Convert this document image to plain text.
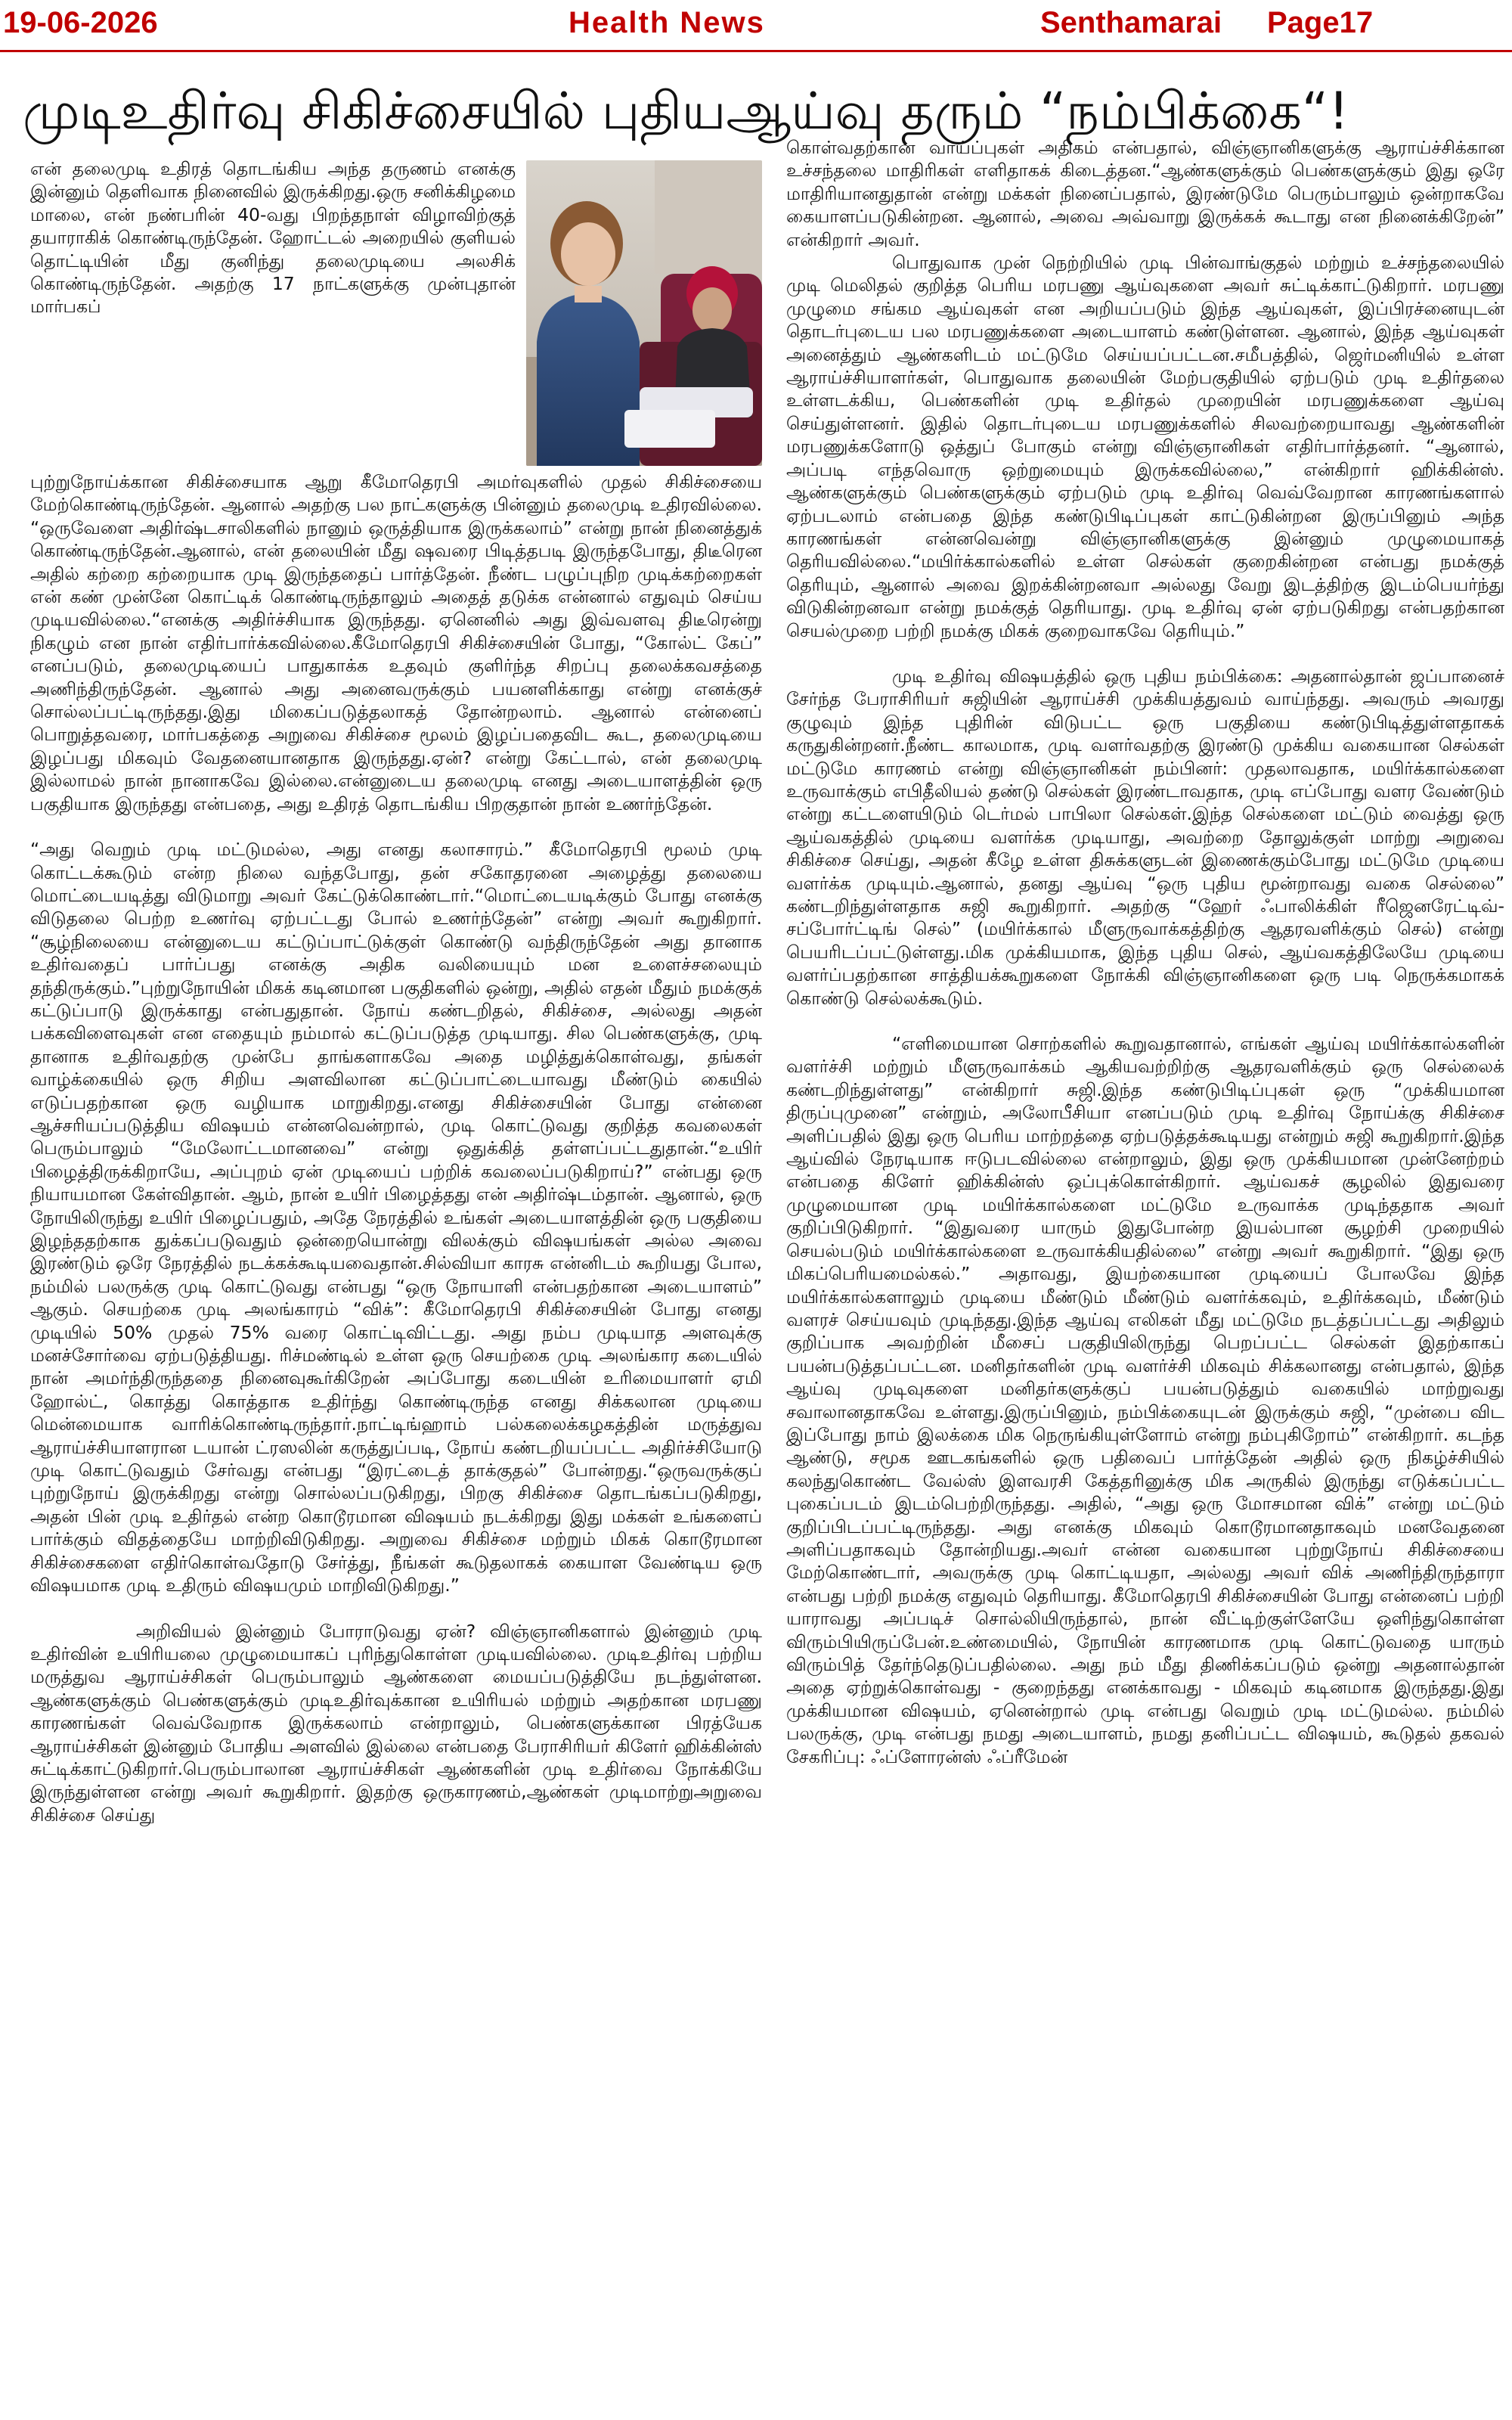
19-06-2026	Health News	Senthamarai Page17
முடிஉதிர்வு சிகிச்சையில் புதியஆய்வு தரும் “நம்பிக்கை“!

என் தலைமுடி உதிரத் தொடங்கிய அந்த தருணம் எனக்கு இன்னும் தெளிவாக நினைவில் இருக்கிறது.ஒரு சனிக்கிழமை மாலை, என் நண்பரின் 40-வது பிறந்தநாள் விழாவிற்குத் தயாராகிக் கொண்டிருந்தேன். ஹோட்டல் அறையில் குளியல் தொட்டியின் மீது குனிந்து தலைமுடியை அலசிக் கொண்டிருந்தேன். அதற்கு 17 நாட்களுக்கு முன்புதான் மார்பகப்

புற்றுநோய்க்கான சிகிச்சையாக ஆறு கீமோதெரபி அமர்வுகளில் முதல் சிகிச்சையை மேற்கொண்டிருந்தேன். ஆனால் அதற்கு பல நாட்களுக்கு பின்னும் தலைமுடி உதிரவில்லை. “ஒருவேளை அதிர்ஷ்டசாலிகளில் நானும் ஒருத்தியாக இருக்கலாம்” என்று நான் நினைத்துக் கொண்டிருந்தேன்.ஆனால், என் தலையின் மீது ஷவரை பிடித்தபடி இருந்தபோது, திடீரென அதில் கற்றை கற்றையாக முடி இருந்ததைப் பார்த்தேன். நீண்ட பழுப்புநிற முடிக்கற்றைகள் என் கண் முன்னே கொட்டிக் கொண்டிருந்தாலும் அதைத் தடுக்க என்னால் எதுவும் செய்ய முடியவில்லை.“எனக்கு அதிர்ச்சியாக இருந்தது. ஏனெனில் அது இவ்வளவு திடீரென்று நிகழும் என நான் எதிர்பார்க்கவில்லை.கீமோதெரபி சிகிச்சையின் போது, “கோல்ட் கேப்” எனப்படும், தலைமுடியைப் பாதுகாக்க உதவும் குளிர்ந்த சிறப்பு தலைக்கவசத்தை அணிந்திருந்தேன். ஆனால் அது அனைவருக்கும் பயனளிக்காது என்று எனக்குச் சொல்லப்பட்டிருந்தது.இது மிகைப்படுத்தலாகத் தோன்றலாம். ஆனால் என்னைப் பொறுத்தவரை, மார்பகத்தை அறுவை சிகிச்சை மூலம் இழப்பதைவிட கூட, தலைமுடியை இழப்பது மிகவும் வேதனையானதாக இருந்தது.ஏன்? என்று கேட்டால், என் தலைமுடி இல்லாமல் நான் நானாகவே இல்லை.என்னுடைய தலைமுடி எனது அடையாளத்தின் ஒரு பகுதியாக இருந்தது என்பதை, அது உதிரத் தொடங்கிய பிறகுதான் நான் உணர்ந்தேன்.

“அது வெறும் முடி மட்டுமல்ல, அது எனது கலாசாரம்.” கீமோதெரபி மூலம் முடி கொட்டக்கூடும் என்ற நிலை வந்தபோது, தன் சகோதரனை அழைத்து தலையை மொட்டையடித்து விடுமாறு அவர் கேட்டுக்கொண்டார்.“மொட்டையடிக்கும் போது எனக்கு விடுதலை பெற்ற உணர்வு ஏற்பட்டது போல் உணர்ந்தேன்” என்று அவர் கூறுகிறார். “சூழ்நிலையை என்னுடைய கட்டுப்பாட்டுக்குள் கொண்டு வந்திருந்தேன் அது தானாக உதிர்வதைப் பார்ப்பது எனக்கு அதிக வலியையும் மன உளைச்சலையும் தந்திருக்கும்.”புற்றுநோயின் மிகக் கடினமான பகுதிகளில் ஒன்று, அதில் எதன் மீதும் நமக்குக் கட்டுப்பாடு இருக்காது என்பதுதான். நோய் கண்டறிதல், சிகிச்சை, அல்லது அதன் பக்கவிளைவுகள் என எதையும் நம்மால் கட்டுப்படுத்த முடியாது. சில பெண்களுக்கு, முடி தானாக உதிர்வதற்கு முன்பே தாங்களாகவே அதை மழித்துக்கொள்வது, தங்கள் வாழ்க்கையில் ஒரு சிறிய அளவிலான கட்டுப்பாட்டையாவது மீண்டும் கையில் எடுப்பதற்கான ஒரு வழியாக மாறுகிறது.எனது சிகிச்சையின் போது என்னை ஆச்சரியப்படுத்திய விஷயம் என்னவென்றால், முடி கொட்டுவது குறித்த கவலைகள் பெரும்பாலும் “மேலோட்டமானவை” என்று ஒதுக்கித் தள்ளப்பட்டதுதான்.“உயிர் பிழைத்திருக்கிறாயே, அப்புறம் ஏன் முடியைப் பற்றிக் கவலைப்படுகிறாய்?” என்பது ஒரு நியாயமான கேள்விதான். ஆம், நான் உயிர் பிழைத்தது என் அதிர்ஷ்டம்தான். ஆனால், ஒரு நோயிலிருந்து உயிர் பிழைப்பதும், அதே நேரத்தில் உங்கள் அடையாளத்தின் ஒரு பகுதியை இழந்ததற்காக துக்கப்படுவதும் ஒன்றையொன்று விலக்கும் விஷயங்கள் அல்ல அவை இரண்டும் ஒரே நேரத்தில் நடக்கக்கூடியவைதான்.சில்வியா காரசு என்னிடம் கூறியது போல, நம்மில் பலருக்கு முடி கொட்டுவது என்பது “ஒரு நோயாளி என்பதற்கான அடையாளம்” ஆகும். செயற்கை முடி அலங்காரம் “விக்”: கீமோதெரபி சிகிச்சையின் போது எனது முடியில் 50% முதல் 75% வரை கொட்டிவிட்டது. அது நம்ப முடியாத அளவுக்கு மனச்சோர்வை ஏற்படுத்தியது. ரிச்மண்டில் உள்ள ஒரு செயற்கை முடி அலங்கார கடையில் நான் அமர்ந்திருந்ததை நினைவுகூர்கிறேன் அப்போது கடையின் உரிமையாளர் ஏமி ஹோல்ட், கொத்து கொத்தாக உதிர்ந்து கொண்டிருந்த எனது சிக்கலான முடியை மென்மையாக வாரிக்கொண்டிருந்தார்.நாட்டிங்ஹாம் பல்கலைக்கழகத்தின் மருத்துவ ஆராய்ச்சியாளரான டயான் ட்ரஸலின் கருத்துப்படி, நோய் கண்டறியப்பட்ட அதிர்ச்சியோடு முடி கொட்டுவதும் சேர்வது என்பது “இரட்டைத் தாக்குதல்” போன்றது.“ஒருவருக்குப் புற்றுநோய் இருக்கிறது என்று சொல்லப்படுகிறது, பிறகு சிகிச்சை தொடங்கப்படுகிறது, அதன் பின் முடி உதிர்தல் என்ற கொடூரமான விஷயம் நடக்கிறது இது மக்கள் உங்களைப் பார்க்கும் விதத்தையே மாற்றிவிடுகிறது. அறுவை சிகிச்சை மற்றும் மிகக் கொடூரமான சிகிச்சைகளை எதிர்கொள்வதோடு சேர்த்து, நீங்கள் கூடுதலாகக் கையாள வேண்டிய ஒரு விஷயமாக முடி உதிரும் விஷயமும் மாறிவிடுகிறது.”

அறிவியல் இன்னும் போராடுவது ஏன்? விஞ்ஞானிகளால் இன்னும் முடி உதிர்வின் உயிரியலை முழுமையாகப் புரிந்துகொள்ள முடியவில்லை. முடிஉதிர்வு பற்றிய மருத்துவ ஆராய்ச்சிகள் பெரும்பாலும் ஆண்களை மையப்படுத்தியே நடந்துள்ளன. ஆண்களுக்கும் பெண்களுக்கும் முடிஉதிர்வுக்கான உயிரியல் மற்றும் அதற்கான மரபணு காரணங்கள் வெவ்வேறாக இருக்கலாம் என்றாலும், பெண்களுக்கான பிரத்யேக ஆராய்ச்சிகள் இன்னும் போதிய அளவில் இல்லை என்பதை பேராசிரியர் கிளேர் ஹிக்கின்ஸ் சுட்டிக்காட்டுகிறார்.பெரும்பாலான ஆராய்ச்சிகள் ஆண்களின் முடி உதிர்வை நோக்கியே இருந்துள்ளன என்று அவர் கூறுகிறார். இதற்கு ஒருகாரணம்,ஆண்கள் முடிமாற்றுஅறுவை சிகிச்சை செய்து

கொள்வதற்கான வாய்ப்புகள் அதிகம் என்பதால், விஞ்ஞானிகளுக்கு ஆராய்ச்சிக்கான உச்சந்தலை மாதிரிகள் எளிதாகக் கிடைத்தன.“ஆண்களுக்கும் பெண்களுக்கும் இது ஒரே மாதிரியானதுதான் என்று மக்கள் நினைப்பதால், இரண்டுமே பெரும்பாலும் ஒன்றாகவே கையாளப்படுகின்றன. ஆனால், அவை அவ்வாறு இருக்கக் கூடாது என நினைக்கிறேன்” என்கிறார் அவர்.

பொதுவாக முன் நெற்றியில் முடி பின்வாங்குதல் மற்றும் உச்சந்தலையில் முடி மெலிதல் குறித்த பெரிய மரபணு ஆய்வுகளை அவர் சுட்டிக்காட்டுகிறார். மரபணு முழுமை சங்கம ஆய்வுகள் என அறியப்படும் இந்த ஆய்வுகள், இப்பிரச்னையுடன் தொடர்புடைய பல மரபணுக்களை அடையாளம் கண்டுள்ளன. ஆனால், இந்த ஆய்வுகள் அனைத்தும் ஆண்களிடம் மட்டுமே செய்யப்பட்டன.சமீபத்தில், ஜெர்மனியில் உள்ள ஆராய்ச்சியாளர்கள், பொதுவாக தலையின் மேற்பகுதியில் ஏற்படும் முடி உதிர்தலை உள்ளடக்கிய, பெண்களின் முடி உதிர்தல் முறையின் மரபணுக்களை ஆய்வு செய்துள்ளனர். இதில் தொடர்புடைய மரபணுக்களில் சிலவற்றையாவது ஆண்களின் மரபணுக்களோடு ஒத்துப் போகும் என்று விஞ்ஞானிகள் எதிர்பார்த்தனர். “ஆனால், அப்படி எந்தவொரு ஒற்றுமையும் இருக்கவில்லை,” என்கிறார் ஹிக்கின்ஸ். ஆண்களுக்கும் பெண்களுக்கும் ஏற்படும் முடி உதிர்வு வெவ்வேறான காரணங்களால் ஏற்படலாம் என்பதை இந்த கண்டுபிடிப்புகள் காட்டுகின்றன இருப்பினும் அந்த காரணங்கள் என்னவென்று விஞ்ஞானிகளுக்கு இன்னும் முழுமையாகத் தெரியவில்லை.“மயிர்க்கால்களில் உள்ள செல்கள் குறைகின்றன என்பது நமக்குத் தெரியும், ஆனால் அவை இறக்கின்றனவா அல்லது வேறு இடத்திற்கு இடம்பெயர்ந்து விடுகின்றனவா என்று நமக்குத் தெரியாது. முடி உதிர்வு ஏன் ஏற்படுகிறது என்பதற்கான செயல்முறை பற்றி நமக்கு மிகக் குறைவாகவே தெரியும்.”

முடி உதிர்வு விஷயத்தில் ஒரு புதிய நம்பிக்கை: அதனால்தான் ஜப்பானைச் சேர்ந்த பேராசிரியர் சுஜியின் ஆராய்ச்சி முக்கியத்துவம் வாய்ந்தது. அவரும் அவரது குழுவும் இந்த புதிரின் விடுபட்ட ஒரு பகுதியை கண்டுபிடித்துள்ளதாகக் கருதுகின்றனர்.நீண்ட காலமாக, முடி வளர்வதற்கு இரண்டு முக்கிய வகையான செல்கள் மட்டுமே காரணம் என்று விஞ்ஞானிகள் நம்பினர்: முதலாவதாக, மயிர்க்கால்களை உருவாக்கும் எபிதீலியல் தண்டு செல்கள் இரண்டாவதாக, முடி எப்போது வளர வேண்டும் என்று கட்டளையிடும் டெர்மல் பாபிலா செல்கள்.இந்த செல்களை மட்டும் வைத்து ஒரு ஆய்வகத்தில் முடியை வளர்க்க முடியாது, அவற்றை தோலுக்குள் மாற்று அறுவை சிகிச்சை செய்து, அதன் கீழே உள்ள திசுக்களுடன் இணைக்கும்போது மட்டுமே முடியை வளர்க்க முடியும்.ஆனால், தனது ஆய்வு “ஒரு புதிய மூன்றாவது வகை செல்லை” கண்டறிந்துள்ளதாக சுஜி கூறுகிறார். அதற்கு “ஹேர் ஃபாலிக்கிள் ரீஜெனரேட்டிவ்-சப்போர்ட்டிங் செல்” (மயிர்க்கால் மீளுருவாக்கத்திற்கு ஆதரவளிக்கும் செல்) என்று பெயரிடப்பட்டுள்ளது.மிக முக்கியமாக, இந்த புதிய செல், ஆய்வகத்திலேயே முடியை வளர்ப்பதற்கான சாத்தியக்கூறுகளை நோக்கி விஞ்ஞானிகளை ஒரு படி நெருக்கமாகக் கொண்டு செல்லக்கூடும்.

“எளிமையான சொற்களில் கூறுவதானால், எங்கள் ஆய்வு மயிர்க்கால்களின் வளர்ச்சி மற்றும் மீளுருவாக்கம் ஆகியவற்றிற்கு ஆதரவளிக்கும் ஒரு செல்லைக் கண்டறிந்துள்ளது” என்கிறார் சுஜி.இந்த கண்டுபிடிப்புகள் ஒரு “முக்கியமான திருப்புமுனை” என்றும், அலோபீசியா எனப்படும் முடி உதிர்வு நோய்க்கு சிகிச்சை அளிப்பதில் இது ஒரு பெரிய மாற்றத்தை ஏற்படுத்தக்கூடியது என்றும் சுஜி கூறுகிறார்.இந்த ஆய்வில் நேரடியாக ஈடுபடவில்லை என்றாலும், இது ஒரு முக்கியமான முன்னேற்றம் என்பதை கிளேர் ஹிக்கின்ஸ் ஒப்புக்கொள்கிறார். ஆய்வகச் சூழலில் இதுவரை முழுமையான முடி மயிர்க்கால்களை மட்டுமே உருவாக்க முடிந்ததாக அவர் குறிப்பிடுகிறார். “இதுவரை யாரும் இதுபோன்ற இயல்பான சூழற்சி முறையில் செயல்படும் மயிர்க்கால்களை உருவாக்கியதில்லை” என்று அவர் கூறுகிறார். “இது ஒரு மிகப்பெரியமைல்கல்.” அதாவது, இயற்கையான முடியைப் போலவே இந்த மயிர்க்கால்களாலும் முடியை மீண்டும் மீண்டும் வளர்க்கவும், உதிர்க்கவும், மீண்டும் வளரச் செய்யவும் முடிந்தது.இந்த ஆய்வு எலிகள் மீது மட்டுமே நடத்தப்பட்டது அதிலும் குறிப்பாக அவற்றின் மீசைப் பகுதியிலிருந்து பெறப்பட்ட செல்கள் இதற்காகப் பயன்படுத்தப்பட்டன. மனிதர்களின் முடி வளர்ச்சி மிகவும் சிக்கலானது என்பதால், இந்த ஆய்வு முடிவுகளை மனிதர்களுக்குப் பயன்படுத்தும் வகையில் மாற்றுவது சவாலானதாகவே உள்ளது.இருப்பினும், நம்பிக்கையுடன் இருக்கும் சுஜி, “முன்பை விட இப்போது நாம் இலக்கை மிக நெருங்கியுள்ளோம் என்று நம்புகிறோம்” என்கிறார். கடந்த ஆண்டு, சமூக ஊடகங்களில் ஒரு பதிவைப் பார்த்தேன் அதில் ஒரு நிகழ்ச்சியில் கலந்துகொண்ட வேல்ஸ் இளவரசி கேத்தரினுக்கு மிக அருகில் இருந்து எடுக்கப்பட்ட புகைப்படம் இடம்பெற்றிருந்தது. அதில், “அது ஒரு மோசமான விக்” என்று மட்டும் குறிப்பிடப்பட்டிருந்தது. அது எனக்கு மிகவும் கொடூரமானதாகவும் மனவேதனை அளிப்பதாகவும் தோன்றியது.அவர் என்ன வகையான புற்றுநோய் சிகிச்சையை மேற்கொண்டார், அவருக்கு முடி கொட்டியதா, அல்லது அவர் விக் அணிந்திருந்தாரா என்பது பற்றி நமக்கு எதுவும் தெரியாது. கீமோதெரபி சிகிச்சையின் போது என்னைப் பற்றி யாராவது அப்படிச் சொல்லியிருந்தால், நான் வீட்டிற்குள்ளேயே ஒளிந்துகொள்ள விரும்பியிருப்பேன்.உண்மையில், நோயின் காரணமாக முடி கொட்டுவதை யாரும் விரும்பித் தேர்ந்தெடுப்பதில்லை. அது நம் மீது திணிக்கப்படும் ஒன்று அதனால்தான் அதை ஏற்றுக்கொள்வது - குறைந்தது எனக்காவது - மிகவும் கடினமாக இருந்தது.இது முக்கியமான விஷயம், ஏனென்றால் முடி என்பது வெறும் முடி மட்டுமல்ல. நம்மில் பலருக்கு, முடி என்பது நமது அடையாளம், நமது தனிப்பட்ட விஷயம், கூடுதல் தகவல் சேகரிப்பு: ஃப்ளோரன்ஸ் ஃப்ரீமேன்
